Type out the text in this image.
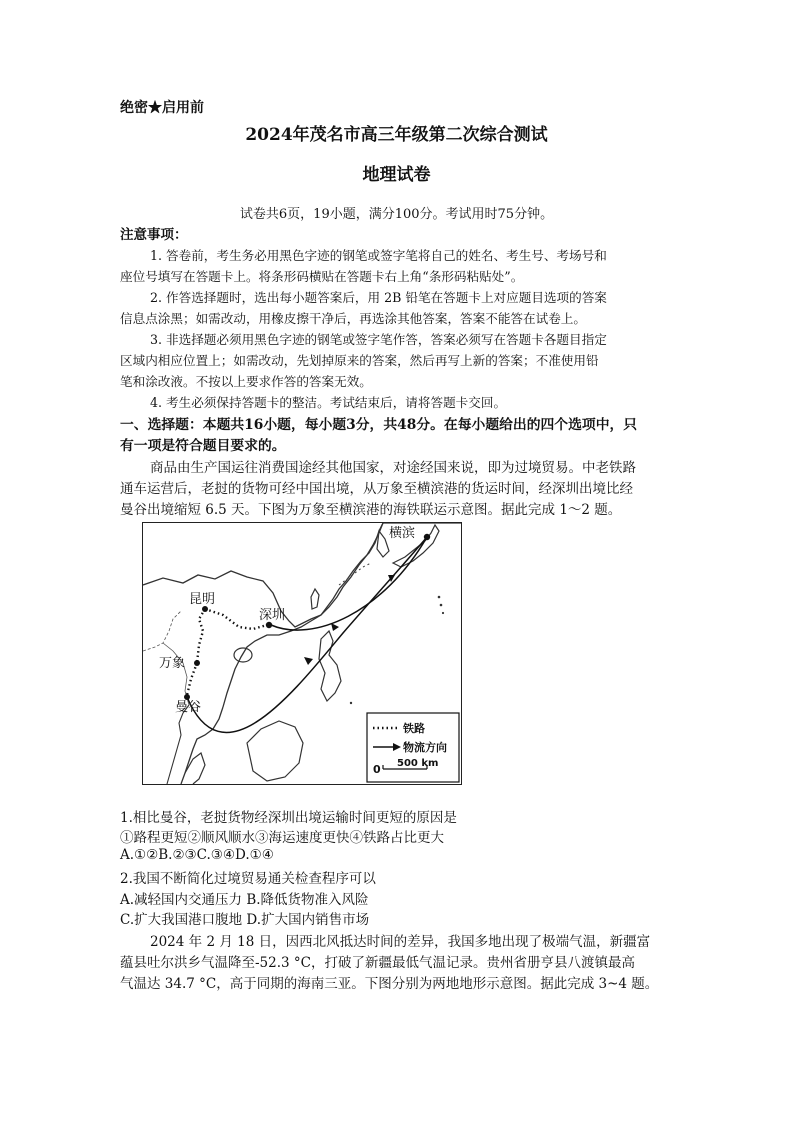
绝密★启用前
2024年茂名市高三年级第二次综合测试
地理试卷
试卷共6页，19小题，满分100分。考试用时75分钟。
注意事项：
1. 答卷前，考生务必用黑色字迹的钢笔或签字笔将自己的姓名、考生号、考场号和
座位号填写在答题卡上。将条形码横贴在答题卡右上角“条形码粘贴处”。
2. 作答选择题时，选出每小题答案后，用 2B 铅笔在答题卡上对应题目选项的答案
信息点涂黑；如需改动，用橡皮擦干净后，再选涂其他答案，答案不能答在试卷上。
3. 非选择题必须用黑色字迹的钢笔或签字笔作答，答案必须写在答题卡各题目指定
区域内相应位置上；如需改动，先划掉原来的答案，然后再写上新的答案；不准使用铅
笔和涂改液。不按以上要求作答的答案无效。
4. 考生必须保持答题卡的整洁。考试结束后，请将答题卡交回。
一、选择题：本题共16小题，每小题3分，共48分。在每小题给出的四个选项中，只
有一项是符合题目要求的。
商品由生产国运往消费国途经其他国家，对途经国来说，即为过境贸易。中老铁路
通车运营后，老挝的货物可经中国出境，从万象至横滨港的货运时间，经深圳出境比经
曼谷出境缩短 6.5 天。下图为万象至横滨港的海铁联运示意图。据此完成 1～2 题。
昆明
深圳
万象
曼谷
横滨
铁路
物流方向
0 500 km
1.相比曼谷，老挝货物经深圳出境运输时间更短的原因是
①路程更短②顺风顺水③海运速度更快④铁路占比更大
A.①②B.②③C.③④D.①④
2.我国不断简化过境贸易通关检查程序可以
A.减轻国内交通压力 B.降低货物准入风险
C.扩大我国港口腹地 D.扩大国内销售市场
2024 年 2 月 18 日，因西北风抵达时间的差异，我国多地出现了极端气温，新疆富
蕴县吐尔洪乡气温降至-52.3 °C，打破了新疆最低气温记录。贵州省册亨县八渡镇最高
气温达 34.7 °C，高于同期的海南三亚。下图分别为两地地形示意图。据此完成 3~4 题。
